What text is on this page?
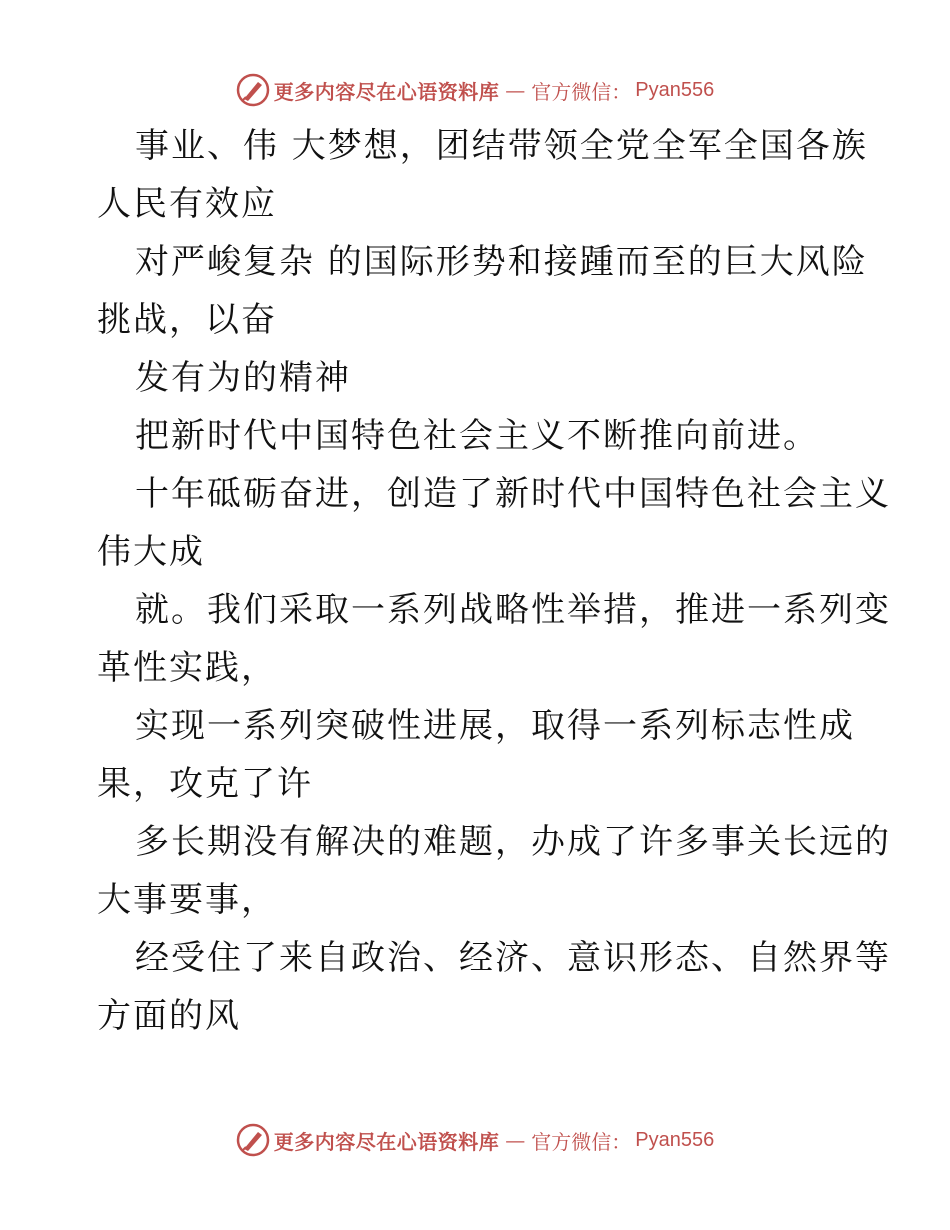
更多内容尽在心语资料库 — 官方微信： Pyan556
事业、伟 大梦想，团结带领全党全军全国各族
人民有效应
对严峻复杂 的国际形势和接踵而至的巨大风险
挑战，以奋
发有为的精神
把新时代中国特色社会主义不断推向前进。
十年砥砺奋进，创造了新时代中国特色社会主义
伟大成
就。我们采取一系列战略性举措，推进一系列变
革性实践，
实现一系列突破性进展，取得一系列标志性成
果，攻克了许
多长期没有解决的难题，办成了许多事关长远的
大事要事，
经受住了来自政治、经济、意识形态、自然界等
方面的风
更多内容尽在心语资料库 — 官方微信： Pyan556
